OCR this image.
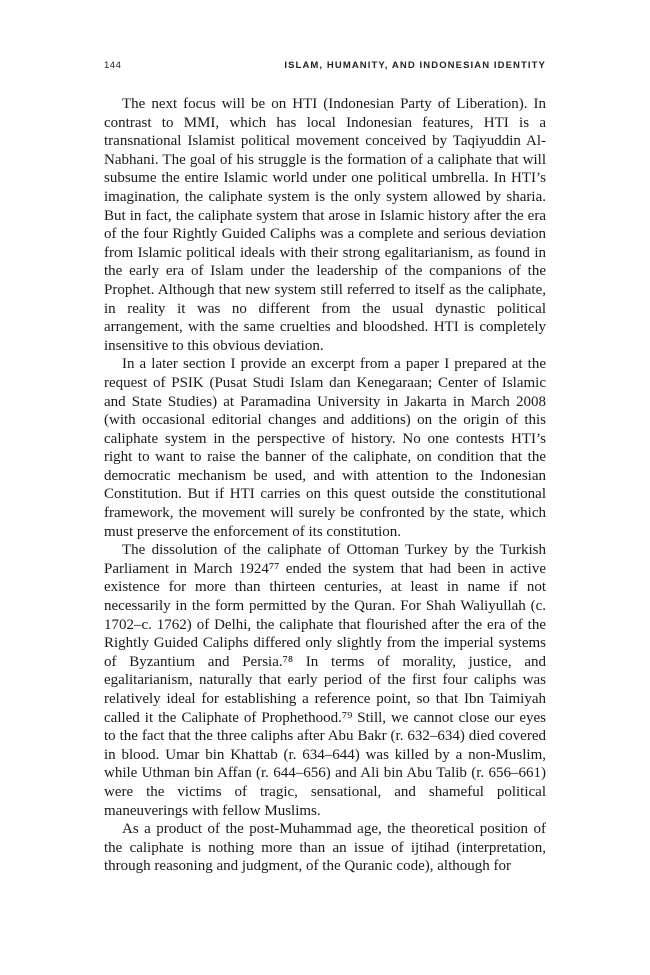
144	ISLAM, HUMANITY, AND INDONESIAN IDENTITY

The next focus will be on HTI (Indonesian Party of Liberation). In contrast to MMI, which has local Indonesian features, HTI is a transnational Islamist political movement conceived by Taqiyuddin Al-Nabhani. The goal of his struggle is the formation of a caliphate that will subsume the entire Islamic world under one political umbrella. In HTI’s imagination, the caliphate system is the only system allowed by sharia. But in fact, the caliphate system that arose in Islamic history after the era of the four Rightly Guided Caliphs was a complete and serious deviation from Islamic political ideals with their strong egalitarianism, as found in the early era of Islam under the leadership of the companions of the Prophet. Although that new system still referred to itself as the caliphate, in reality it was no different from the usual dynastic political arrangement, with the same cruelties and bloodshed. HTI is completely insensitive to this obvious deviation.

In a later section I provide an excerpt from a paper I prepared at the request of PSIK (Pusat Studi Islam dan Kenegaraan; Center of Islamic and State Studies) at Paramadina University in Jakarta in March 2008 (with occasional editorial changes and additions) on the origin of this caliphate system in the perspective of history. No one contests HTI’s right to want to raise the banner of the caliphate, on condition that the democratic mechanism be used, and with attention to the Indonesian Constitution. But if HTI carries on this quest outside the constitutional framework, the movement will surely be confronted by the state, which must preserve the enforcement of its constitution.

The dissolution of the caliphate of Ottoman Turkey by the Turkish Parliament in March 1924⁷⁷ ended the system that had been in active existence for more than thirteen centuries, at least in name if not necessarily in the form permitted by the Quran. For Shah Waliyullah (c. 1702–c. 1762) of Delhi, the caliphate that flourished after the era of the Rightly Guided Caliphs differed only slightly from the imperial systems of Byzantium and Persia.⁷⁸ In terms of morality, justice, and egalitarianism, naturally that early period of the first four caliphs was relatively ideal for establishing a reference point, so that Ibn Taimiyah called it the Caliphate of Prophethood.⁷⁹ Still, we cannot close our eyes to the fact that the three caliphs after Abu Bakr (r. 632–634) died covered in blood. Umar bin Khattab (r. 634–644) was killed by a non-Muslim, while Uthman bin Affan (r. 644–656) and Ali bin Abu Talib (r. 656–661) were the victims of tragic, sensational, and shameful political maneuverings with fellow Muslims.

As a product of the post-Muhammad age, the theoretical position of the caliphate is nothing more than an issue of ijtihad (interpretation, through reasoning and judgment, of the Quranic code), although for
